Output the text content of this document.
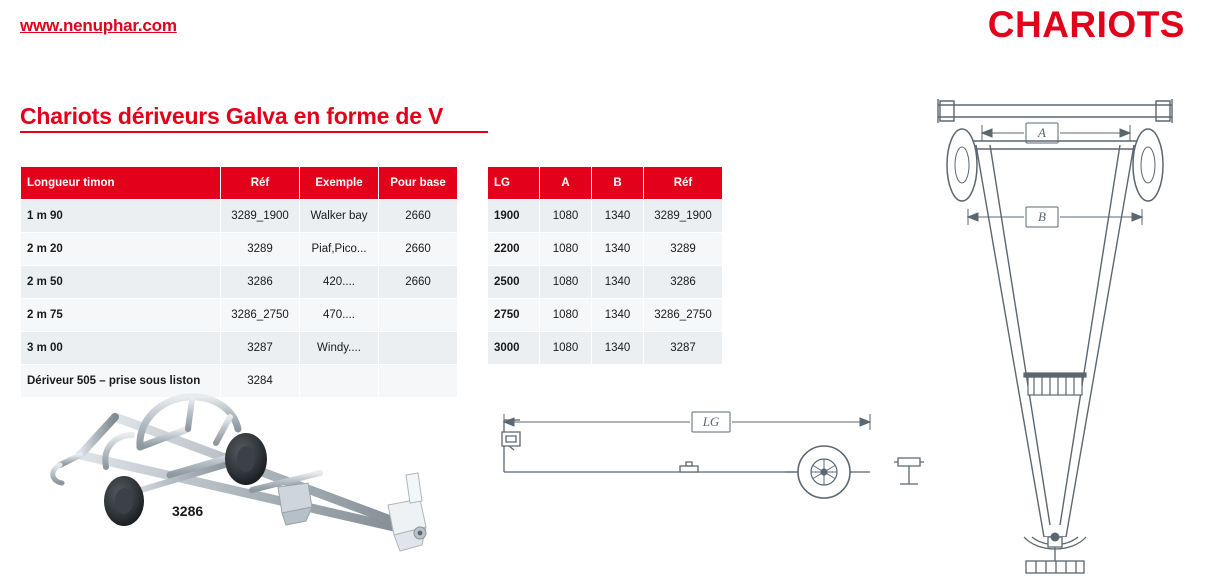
www.nenuphar.com	CHARIOTS
Chariots dériveurs Galva en forme de V
Longueur timon	Réf	Exemple	Pour base
1 m 90	3289_1900	Walker bay	2660
2 m 20	3289	Piaf,Pico...	2660
2 m 50	3286	420....	2660
2 m 75	3286_2750	470....	
3 m 00	3287	Windy....	
Dériveur 505 – prise sous liston	3284		
LG	A	B	Réf
1900	1080	1340	3289_1900
2200	1080	1340	3289
2500	1080	1340	3286
2750	1080	1340	3286_2750
3000	1080	1340	3287
3286
LG
A
B
